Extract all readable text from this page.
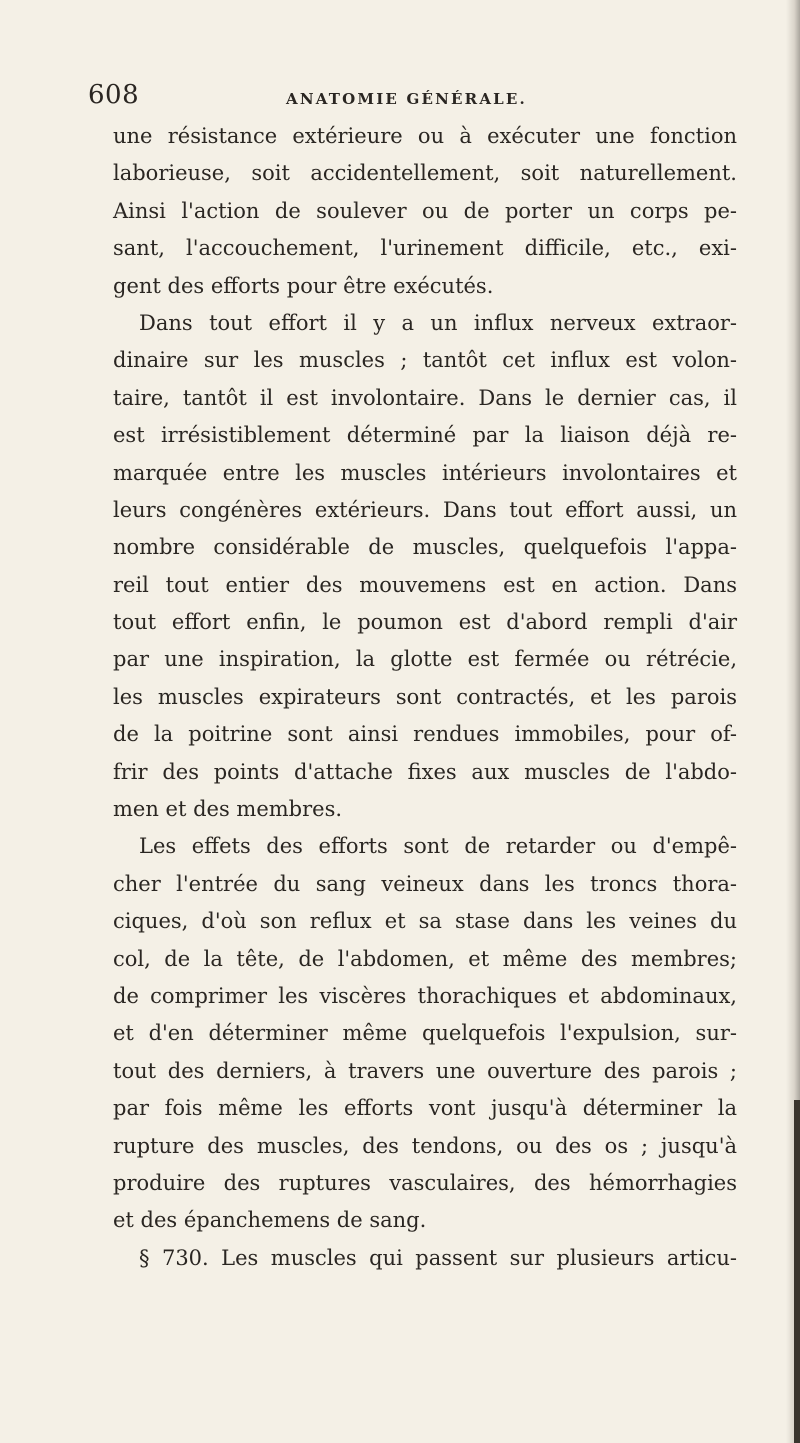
608	ANATOMIE GÉNÉRALE.
une résistance extérieure ou à exécuter une fonction
laborieuse, soit accidentellement, soit naturellement.
Ainsi l'action de soulever ou de porter un corps pe-
sant, l'accouchement, l'urinement difficile, etc., exi-
gent des efforts pour être exécutés.
Dans tout effort il y a un influx nerveux extraor-
dinaire sur les muscles ; tantôt cet influx est volon-
taire, tantôt il est involontaire. Dans le dernier cas, il
est irrésistiblement déterminé par la liaison déjà re-
marquée entre les muscles intérieurs involontaires et
leurs congénères extérieurs. Dans tout effort aussi, un
nombre considérable de muscles, quelquefois l'appa-
reil tout entier des mouvemens est en action. Dans
tout effort enfin, le poumon est d'abord rempli d'air
par une inspiration, la glotte est fermée ou rétrécie,
les muscles expirateurs sont contractés, et les parois
de la poitrine sont ainsi rendues immobiles, pour of-
frir des points d'attache fixes aux muscles de l'abdo-
men et des membres.
Les effets des efforts sont de retarder ou d'empê-
cher l'entrée du sang veineux dans les troncs thora-
ciques, d'où son reflux et sa stase dans les veines du
col, de la tête, de l'abdomen, et même des membres;
de comprimer les viscères thorachiques et abdominaux,
et d'en déterminer même quelquefois l'expulsion, sur-
tout des derniers, à travers une ouverture des parois ;
par fois même les efforts vont jusqu'à déterminer la
rupture des muscles, des tendons, ou des os ; jusqu'à
produire des ruptures vasculaires, des hémorrhagies
et des épanchemens de sang.
§ 730. Les muscles qui passent sur plusieurs articu-
